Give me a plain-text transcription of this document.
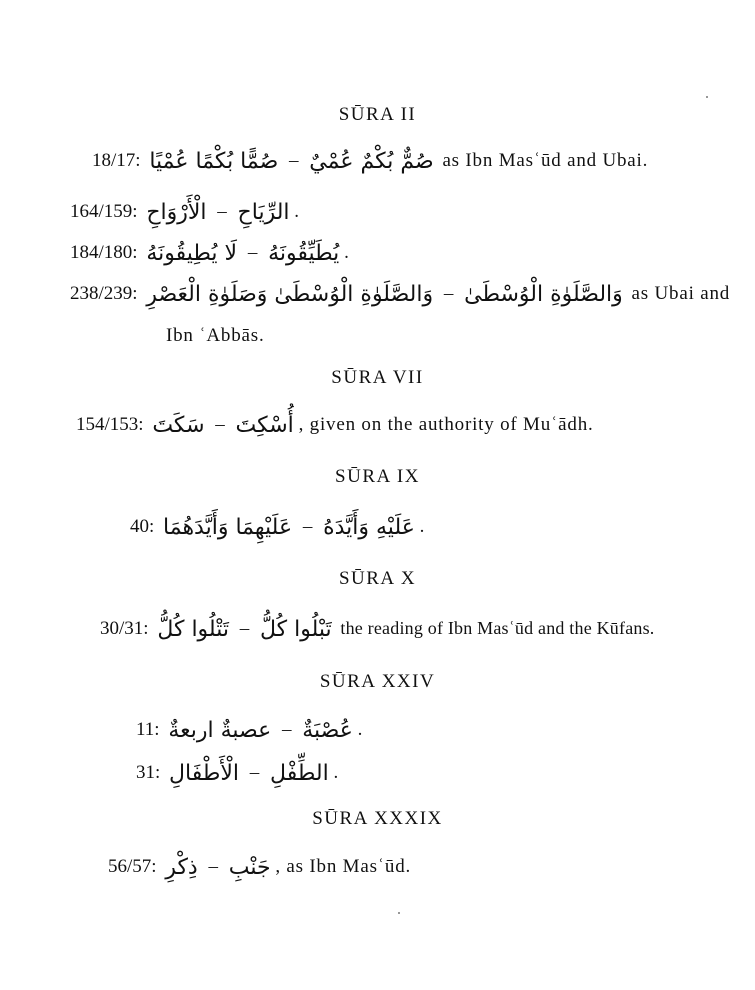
SŪRA II
18/17: صُمًّا بُكْمًا عُمْيًا – صُمٌّ بُكْمٌ عُمْيٌ as Ibn Masʿūd and Ubai.
164/159: الْأَرْوَاحِ – الرِّيَاحِ .
184/180: لَا يُطِيقُونَهُ – يُطَيِّقُونَهُ .
238/239: وَالصَّلَوٰةِ الْوُسْطَىٰ وَصَلَوٰةِ الْعَصْرِ – وَالصَّلَوٰةِ الْوُسْطَىٰ as Ubai and
Ibn ʿAbbās.
SŪRA VII
154/153: سَكَتَ – أُسْكِتَ , given on the authority of Muʿādh.
SŪRA IX
40: عَلَيْهِمَا وَأَيَّدَهُمَا – عَلَيْهِ وَأَيَّدَهُ .
SŪRA X
30/31: تَتْلُوا كُلُّ – تَبْلُوا كُلُّ the reading of Ibn Masʿūd and the Kūfans.
SŪRA XXIV
11: عصبةٌ اربعةٌ – عُصْبَةٌ .
31: الْأَطْفَالِ – الطِّفْلِ .
SŪRA XXXIX
56/57: ذِكْرِ – جَنْبِ , as Ibn Masʿūd.
